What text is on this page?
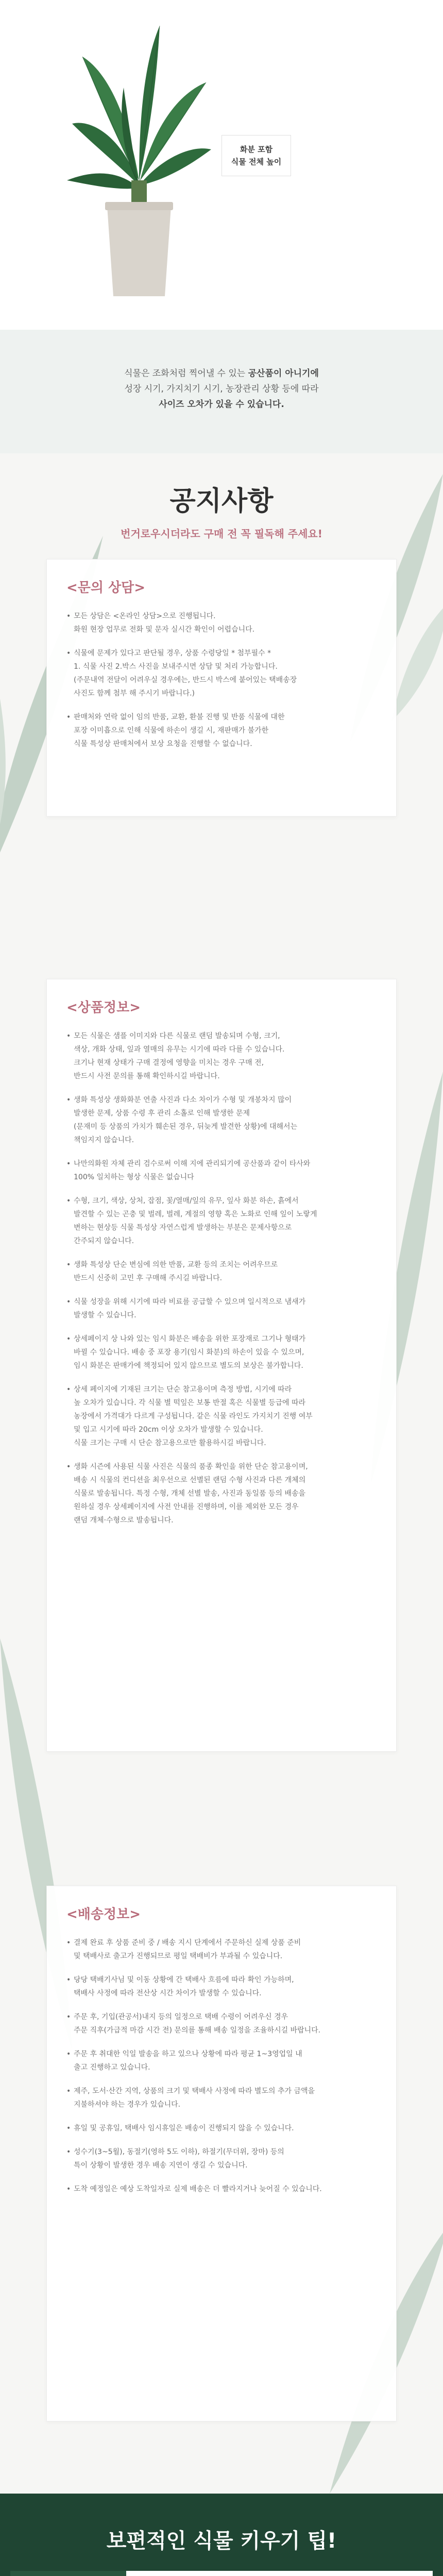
화분 포함
식물 전체 높이
식물은 조화처럼 찍어낼 수 있는 공산품이 아니기에
성장 시기, 가지치기 시기, 농장관리 상황 등에 따라
사이즈 오차가 있을 수 있습니다.
공지사항
번거로우시더라도 구매 전 꼭 필독해 주세요!
<문의 상담>
• 모든 상담은 <온라인 상담>으로 진행됩니다.
화원 현장 업무로 전화 및 문자 실시간 확인이 어렵습니다.
• 식물에 문제가 있다고 판단될 경우, 상품 수령당일 * 첨부필수 *
1. 식물 사진 2.박스 사진을 보내주시면 상담 및 처리 가능합니다.
(주문내역 전달이 어려우실 경우에는, 반드시 박스에 붙어있는 택배송장
사진도 함께 첨부 해 주시기 바랍니다.)
• 판매처와 연락 없이 임의 반품, 교환, 환불 진행 및 반품 식물에 대한
포장 이미흡으로 인해 식물에 하손이 생길 시, 재판매가 불가한
식물 특성상 판매처에서 보상 요청을 진행할 수 없습니다.
<상품정보>
• 모든 식물은 샘플 이미지와 다른 식물로 랜덤 발송되며 수형, 크기,
색상, 개화 상태, 잎과 열매의 유무는 시기에 따라 다를 수 있습니다.
크기나 현재 상태가 구매 결정에 영향을 미치는 경우 구매 전,
반드시 사전 문의를 통해 확인하시길 바랍니다.
• 생화 특성상 생화화분 연출 사진과 다소 차이가 수형 및 개봉차지 많이
발생한 문제, 상품 수령 후 관리 소홀로 인해 발생한 문제
(문재미 등 상품의 가치가 훼손된 경우, 뒤늦게 발견한 상황)에 대해서는
책임지지 않습니다.
• 나만의화원 자체 관리 검수로써 이해 지에 관리되기에 공산품과 같이 타사와
100% 일치하는 형상 식물은 없습니다
• 수형, 크기, 색상, 상처, 잡점, 꽃/열매/잎의 유무, 잎사 화분 하손, 흙에서
발견할 수 있는 곤충 및 벌레, 벌레, 계절의 영향 혹은 노화로 인해 잎이 노랗게
변하는 현상등 식물 특성상 자연스럽게 발생하는 부분은 문제사항으로
간주되지 않습니다.
• 생화 특성상 단순 변심에 의한 반품, 교환 등의 조치는 어려우므로
반드시 신중히 고민 후 구매해 주시길 바랍니다.
• 식물 성장을 위해 시기에 따라 비료를 공급할 수 있으며 일시적으로 냄새가
발생할 수 있습니다.
• 상세페이지 상 나와 있는 임시 화분은 배송을 위한 포장재로 그기나 형태가
바뀔 수 있습니다. 배송 중 포장 용기(임시 화분)의 하손이 있을 수 있으며,
임시 화분은 판매가에 책정되어 있지 않으므로 별도의 보상은 불가합니다.
• 상세 페이지에 기재된 크기는 단순 참고용이며 측정 방법, 시기에 따라
높 오차가 있습니다. 각 식물 별 떡잎은 보통 반절 혹은 식물별 등급에 따라
농장에서 가격대가 다르게 구성됩니다. 같은 식물 라인도 가지치기 진행 여부
및 입고 시기에 따라 20cm 이상 오차가 발생할 수 있습니다.
식물 크기는 구매 시 단순 참고용으로만 활용하시길 바랍니다.
• 생화 시즌에 사용된 식물 사진은 식물의 품종 확인을 위한 단순 참고용이며,
배송 시 식물의 컨디션을 최우선으로 선별된 랜덤 수형 사진과 다른 개체의
식물로 발송됩니다. 특정 수형, 개체 선별 발송, 사진과 동일품 등의 배송을
원하실 경우 상세페이지에 사전 안내를 진행하며, 이를 제외한 모든 경우
랜덤 개체·수형으로 발송됩니다.
<배송정보>
• 결제 완료 후 상품 준비 중 / 배송 지시 단계에서 주문하신 실제 상품 준비
및 택배사로 출고가 진행되므로 평일 택배비가 부과될 수 있습니다.
• 당당 택배기사님 및 이동 상황에 간 택배사 흐름에 따라 확인 가능하며,
택배사 사정에 따라 전산상 시간 차이가 발생할 수 있습니다.
• 주문 후, 기입(관공서)내지 등의 일정으로 택배 수령이 어려우신 경우
주문 직후(가급적 마감 시간 전) 문의를 통해 배송 일정을 조율하시길 바랍니다.
• 주문 후 취대한 익일 발송을 하고 있으나 상황에 따라 평균 1~3영업일 내
출고 진행하고 있습니다.
• 제주, 도서·산간 지역, 상품의 크기 및 택배사 사정에 따라 별도의 추가 금액을
지불하셔야 하는 경우가 있습니다.
• 휴일 및 공휴일, 택배사 임시휴일은 배송이 진행되지 않을 수 있습니다.
• 성수기(3~5월), 동절기(영하 5도 이하), 하절기(무더위, 장마) 등의
특이 상황이 발생한 경우 배송 지연이 생길 수 있습니다.
• 도착 예정일은 예상 도착일자로 실제 배송은 더 빨라지거나 늦어질 수 있습니다.
보편적인 식물 키우기 팁!
